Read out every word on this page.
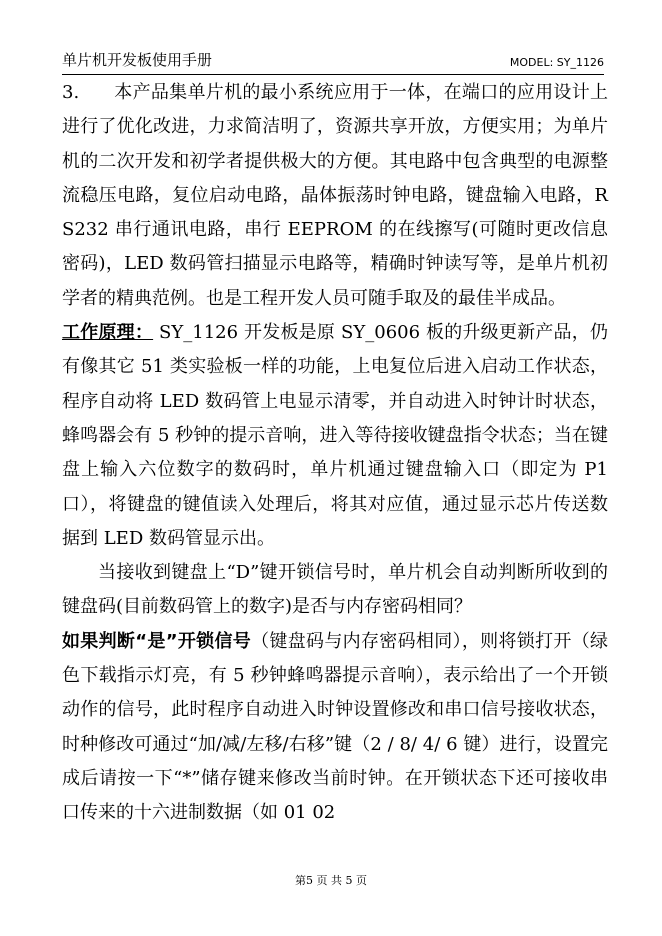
单片机开发板使用手册	MODEL: SY_1126

3. 本产品集单片机的最小系统应用于一体，在端口的应用设计上进行了优化改进，力求简洁明了，资源共享开放，方便实用；为单片机的二次开发和初学者提供极大的方便。其电路中包含典型的电源整流稳压电路，复位启动电路，晶体振荡时钟电路，键盘输入电路，RS232 串行通讯电路，串行 EEPROM 的在线擦写(可随时更改信息密码)，LED 数码管扫描显示电路等，精确时钟读写等，是单片机初学者的精典范例。也是工程开发人员可随手取及的最佳半成品。

工作原理： SY_1126 开发板是原 SY_0606 板的升级更新产品，仍有像其它 51 类实验板一样的功能，上电复位后进入启动工作状态，程序自动将 LED 数码管上电显示清零，并自动进入时钟计时状态，蜂鸣器会有 5 秒钟的提示音响，进入等待接收键盘指令状态；当在键盘上输入六位数字的数码时，单片机通过键盘输入口（即定为 P1 口），将键盘的键值读入处理后，将其对应值，通过显示芯片传送数据到 LED 数码管显示出。

当接收到键盘上“D”键开锁信号时，单片机会自动判断所收到的键盘码(目前数码管上的数字)是否与内存密码相同？

如果判断“是”开锁信号（键盘码与内存密码相同），则将锁打开（绿色下载指示灯亮，有 5 秒钟蜂鸣器提示音响），表示给出了一个开锁动作的信号，此时程序自动进入时钟设置修改和串口信号接收状态，时种修改可通过“加/减/左移/右移”键（2 / 8/ 4/ 6 键）进行，设置完成后请按一下“*”储存键来修改当前时钟。在开锁状态下还可接收串口传来的十六进制数据（如 01 02

第5 页 共 5 页
